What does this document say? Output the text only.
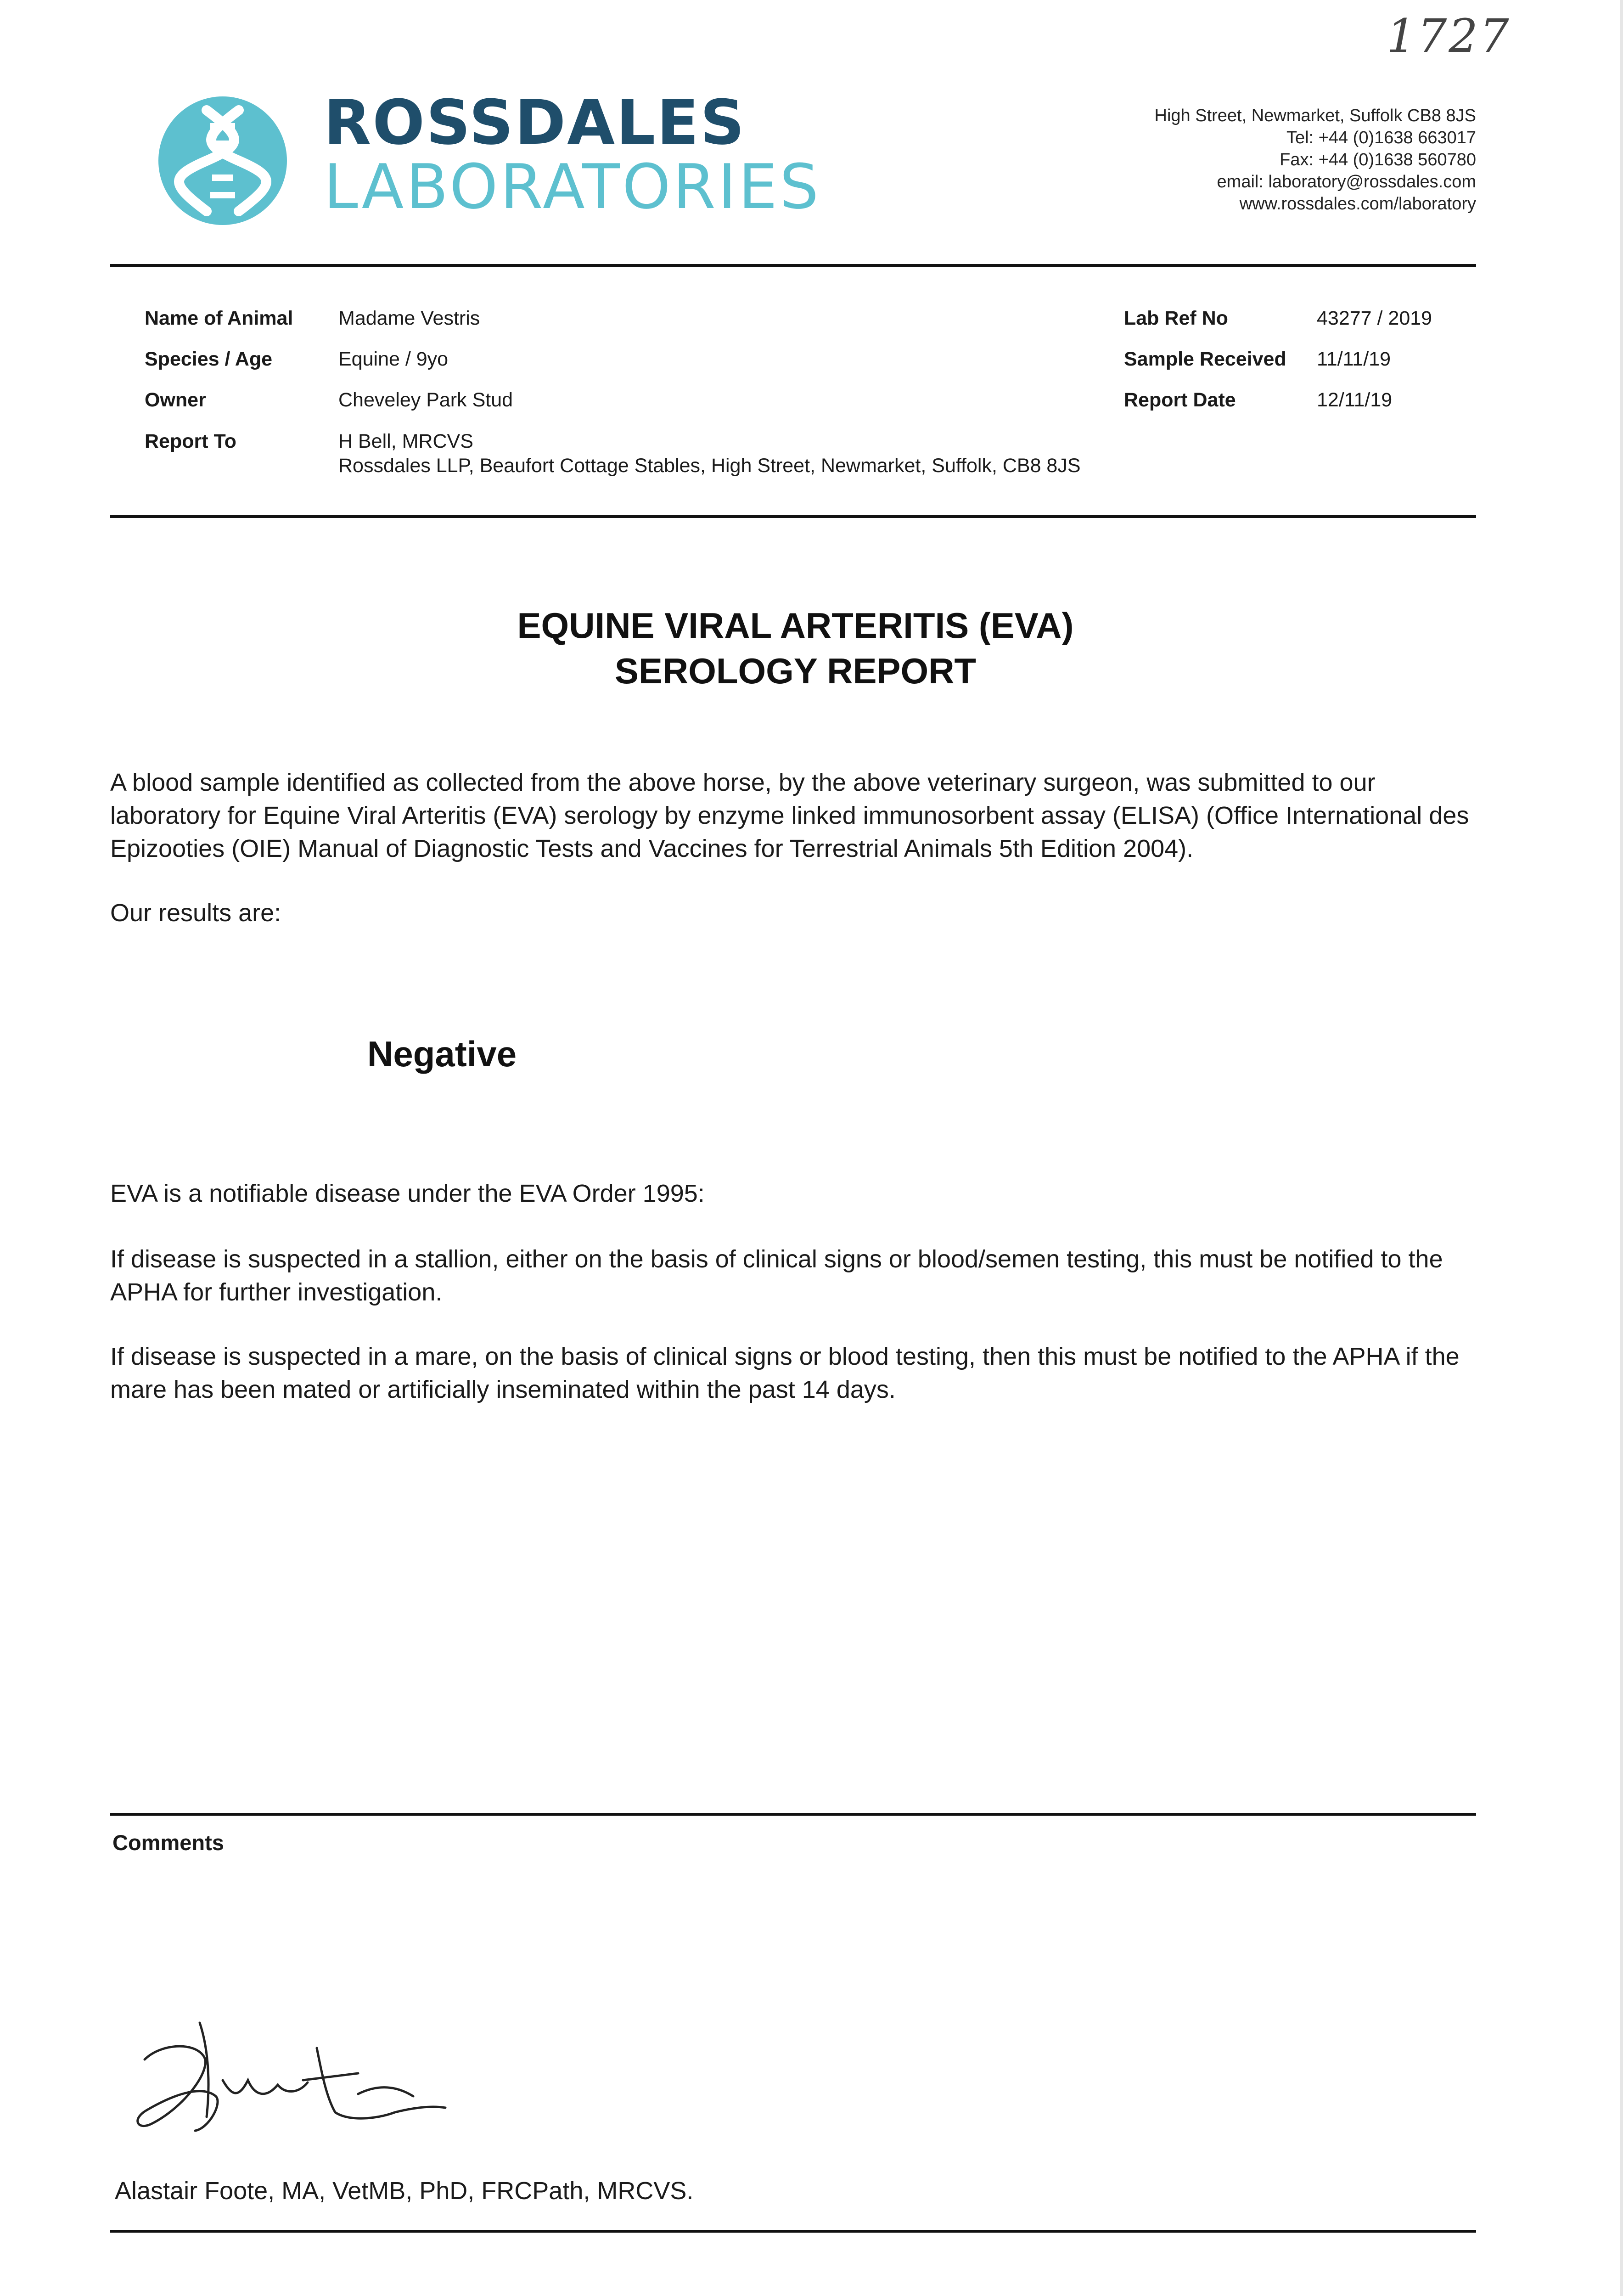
1727
ROSSDALES
LABORATORIES
High Street, Newmarket, Suffolk CB8 8JS
Tel: +44 (0)1638 663017
Fax: +44 (0)1638 560780
email: laboratory@rossdales.com
www.rossdales.com/laboratory
Name of Animal Madame Vestris
Species / Age	Equine / 9yo
Owner	Cheveley Park Stud
Report To	H Bell, MRCVS
Rossdales LLP, Beaufort Cottage Stables, High Street, Newmarket, Suffolk, CB8 8JS
Lab Ref No	43277 / 2019
Sample Received 11/11/19
Report Date	12/11/19
EQUINE VIRAL ARTERITIS (EVA)
SEROLOGY REPORT
A blood sample identified as collected from the above horse, by the above veterinary surgeon, was submitted to our laboratory for Equine Viral Arteritis (EVA) serology by enzyme linked immunosorbent assay (ELISA) (Office International des Epizooties (OIE) Manual of Diagnostic Tests and Vaccines for Terrestrial Animals 5th Edition 2004).
Our results are:
Negative
EVA is a notifiable disease under the EVA Order 1995:
If disease is suspected in a stallion, either on the basis of clinical signs or blood/semen testing, this must be notified to the APHA for further investigation.
If disease is suspected in a mare, on the basis of clinical signs or blood testing, then this must be notified to the APHA if the mare has been mated or artificially inseminated within the past 14 days.
Comments
Alastair Foote, MA, VetMB, PhD, FRCPath, MRCVS.
